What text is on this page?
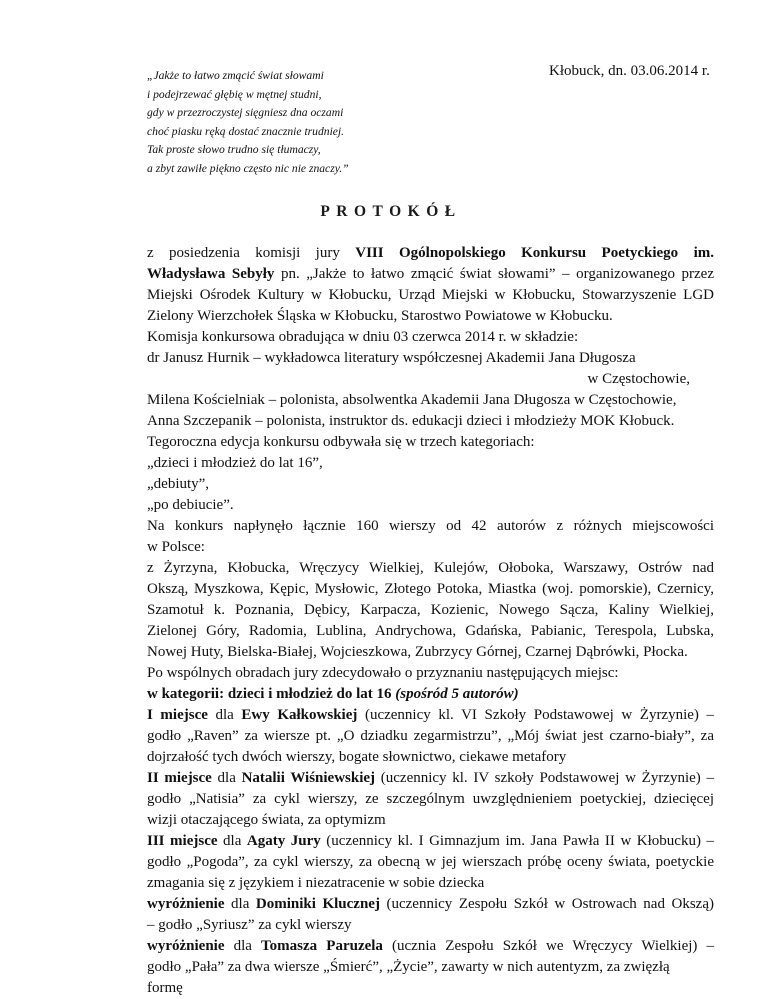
„Jakże to łatwo zmącić świat słowami
i podejrzewać głębię w mętnej studni,
gdy w przezroczystej sięgniesz dna oczami
choć piasku ręką dostać znacznie trudniej.
Tak proste słowo trudno się tłumaczy,
a zbyt zawiłe piękno często nic nie znaczy.”
Kłobuck, dn. 03.06.2014 r.
PROTOKÓŁ

z posiedzenia komisji jury VIII Ogólnopolskiego Konkursu Poetyckiego im.

Władysława Sebyły pn. „Jakże to łatwo zmącić świat słowami” – organizowanego przez

Miejski Ośrodek Kultury w Kłobucku, Urząd Miejski w Kłobucku, Stowarzyszenie LGD

Zielony Wierzchołek Śląska w Kłobucku, Starostwo Powiatowe w Kłobucku.

Komisja konkursowa obradująca w dniu 03 czerwca 2014 r. w składzie:

dr Janusz Hurnik – wykładowca literatury współczesnej Akademii Jana Długosza

w Częstochowie,

Milena Kościelniak – polonista, absolwentka Akademii Jana Długosza w Częstochowie,

Anna Szczepanik – polonista, instruktor ds. edukacji dzieci i młodzieży MOK Kłobuck.

Tegoroczna edycja konkursu odbywała się w trzech kategoriach:

„dzieci i młodzież do lat 16”,

„debiuty”,

„po debiucie”.

Na konkurs napłynęło łącznie 160 wierszy od 42 autorów z różnych miejscowości

w Polsce:

z Żyrzyna, Kłobucka, Wręczycy Wielkiej, Kulejów, Ołoboka, Warszawy, Ostrów nad

Okszą, Myszkowa, Kępic, Mysłowic, Złotego Potoka, Miastka (woj. pomorskie), Czernicy,

Szamotuł k. Poznania, Dębicy, Karpacza, Kozienic, Nowego Sącza, Kaliny Wielkiej,

Zielonej Góry, Radomia, Lublina, Andrychowa, Gdańska, Pabianic, Terespola, Lubska,

Nowej Huty, Bielska-Białej, Wojcieszkowa, Zubrzycy Górnej, Czarnej Dąbrówki, Płocka.

Po wspólnych obradach jury zdecydowało o przyznaniu następujących miejsc:

w kategorii: dzieci i młodzież do lat 16 (spośród 5 autorów)

I miejsce dla Ewy Kałkowskiej (uczennicy kl. VI Szkoły Podstawowej w Żyrzynie) –

godło „Raven” za wiersze pt. „O dziadku zegarmistrzu”, „Mój świat jest czarno-biały”, za

dojrzałość tych dwóch wierszy, bogate słownictwo, ciekawe metafory

II miejsce dla Natalii Wiśniewskiej (uczennicy kl. IV szkoły Podstawowej w Żyrzynie) –

godło „Natisia” za cykl wierszy, ze szczególnym uwzględnieniem poetyckiej, dziecięcej

wizji otaczającego świata, za optymizm

III miejsce dla Agaty Jury (uczennicy kl. I Gimnazjum im. Jana Pawła II w Kłobucku) –

godło „Pogoda”, za cykl wierszy, za obecną w jej wierszach próbę oceny świata, poetyckie

zmagania się z językiem i niezatracenie w sobie dziecka

wyróżnienie dla Dominiki Klucznej (uczennicy Zespołu Szkół w Ostrowach nad Okszą)

– godło „Syriusz” za cykl wierszy

wyróżnienie dla Tomasza Paruzela (ucznia Zespołu Szkół we Wręczycy Wielkiej) –

godło „Pała” za dwa wiersze „Śmierć”, „Życie”, zawarty w nich autentyzm, za zwięzłą

formę
